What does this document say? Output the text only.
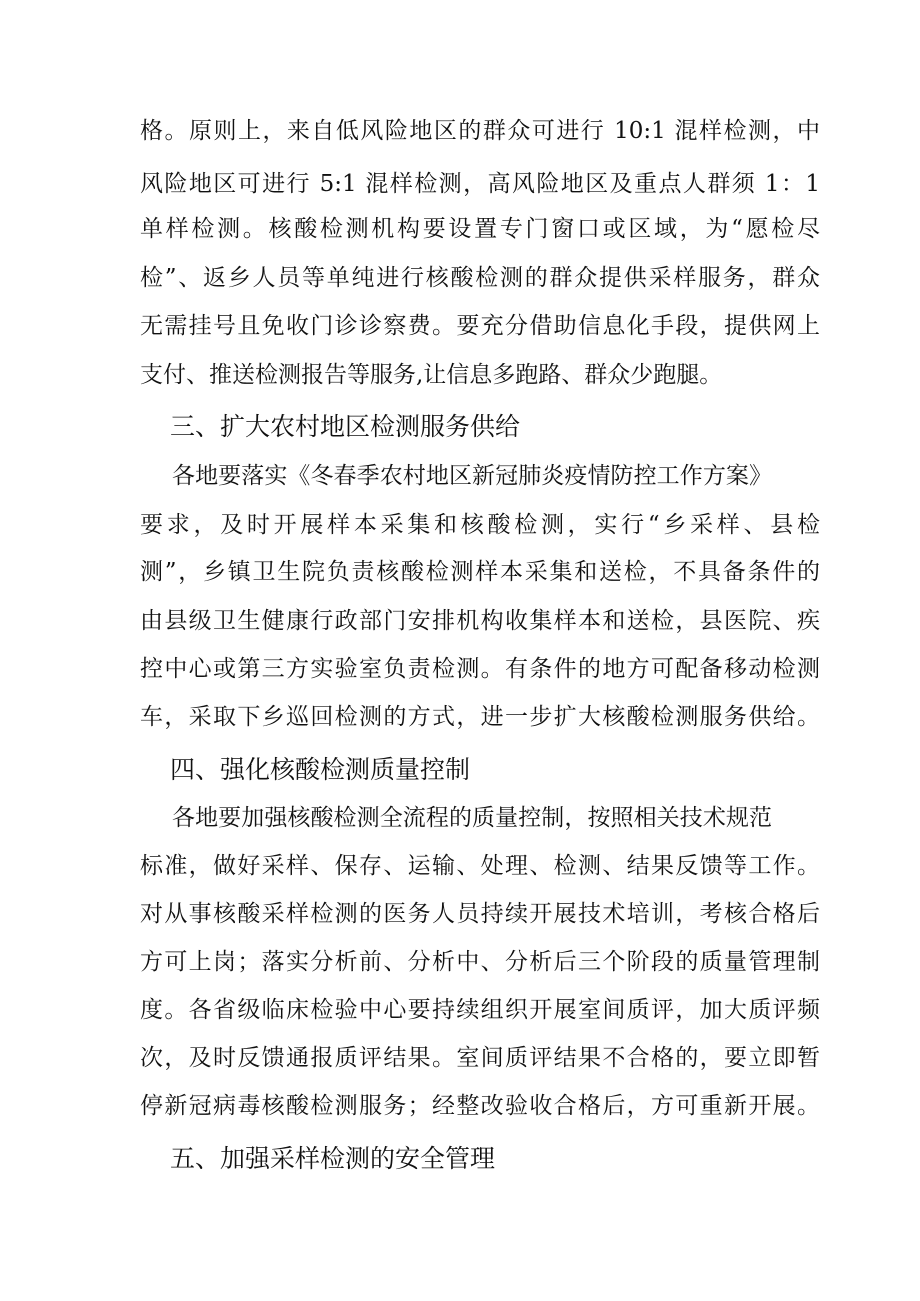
格。原则上，来自低风险地区的群众可进行 10:1 混样检测，中
风险地区可进行 5:1 混样检测，高风险地区及重点人群须 1：1
单样检测。核酸检测机构要设置专门窗口或区域，为“愿检尽
检”、返乡人员等单纯进行核酸检测的群众提供采样服务，群众
无需挂号且免收门诊诊察费。要充分借助信息化手段，提供网上
支付、推送检测报告等服务,让信息多跑路、群众少跑腿。
三、扩大农村地区检测服务供给
各地要落实《冬春季农村地区新冠肺炎疫情防控工作方案》
要求，及时开展样本采集和核酸检测，实行“乡采样、县检
测”，乡镇卫生院负责核酸检测样本采集和送检，不具备条件的
由县级卫生健康行政部门安排机构收集样本和送检，县医院、疾
控中心或第三方实验室负责检测。有条件的地方可配备移动检测
车，采取下乡巡回检测的方式，进一步扩大核酸检测服务供给。
四、强化核酸检测质量控制
各地要加强核酸检测全流程的质量控制，按照相关技术规范
标准，做好采样、保存、运输、处理、检测、结果反馈等工作。
对从事核酸采样检测的医务人员持续开展技术培训，考核合格后
方可上岗；落实分析前、分析中、分析后三个阶段的质量管理制
度。各省级临床检验中心要持续组织开展室间质评，加大质评频
次，及时反馈通报质评结果。室间质评结果不合格的，要立即暂
停新冠病毒核酸检测服务；经整改验收合格后，方可重新开展。
五、加强采样检测的安全管理
